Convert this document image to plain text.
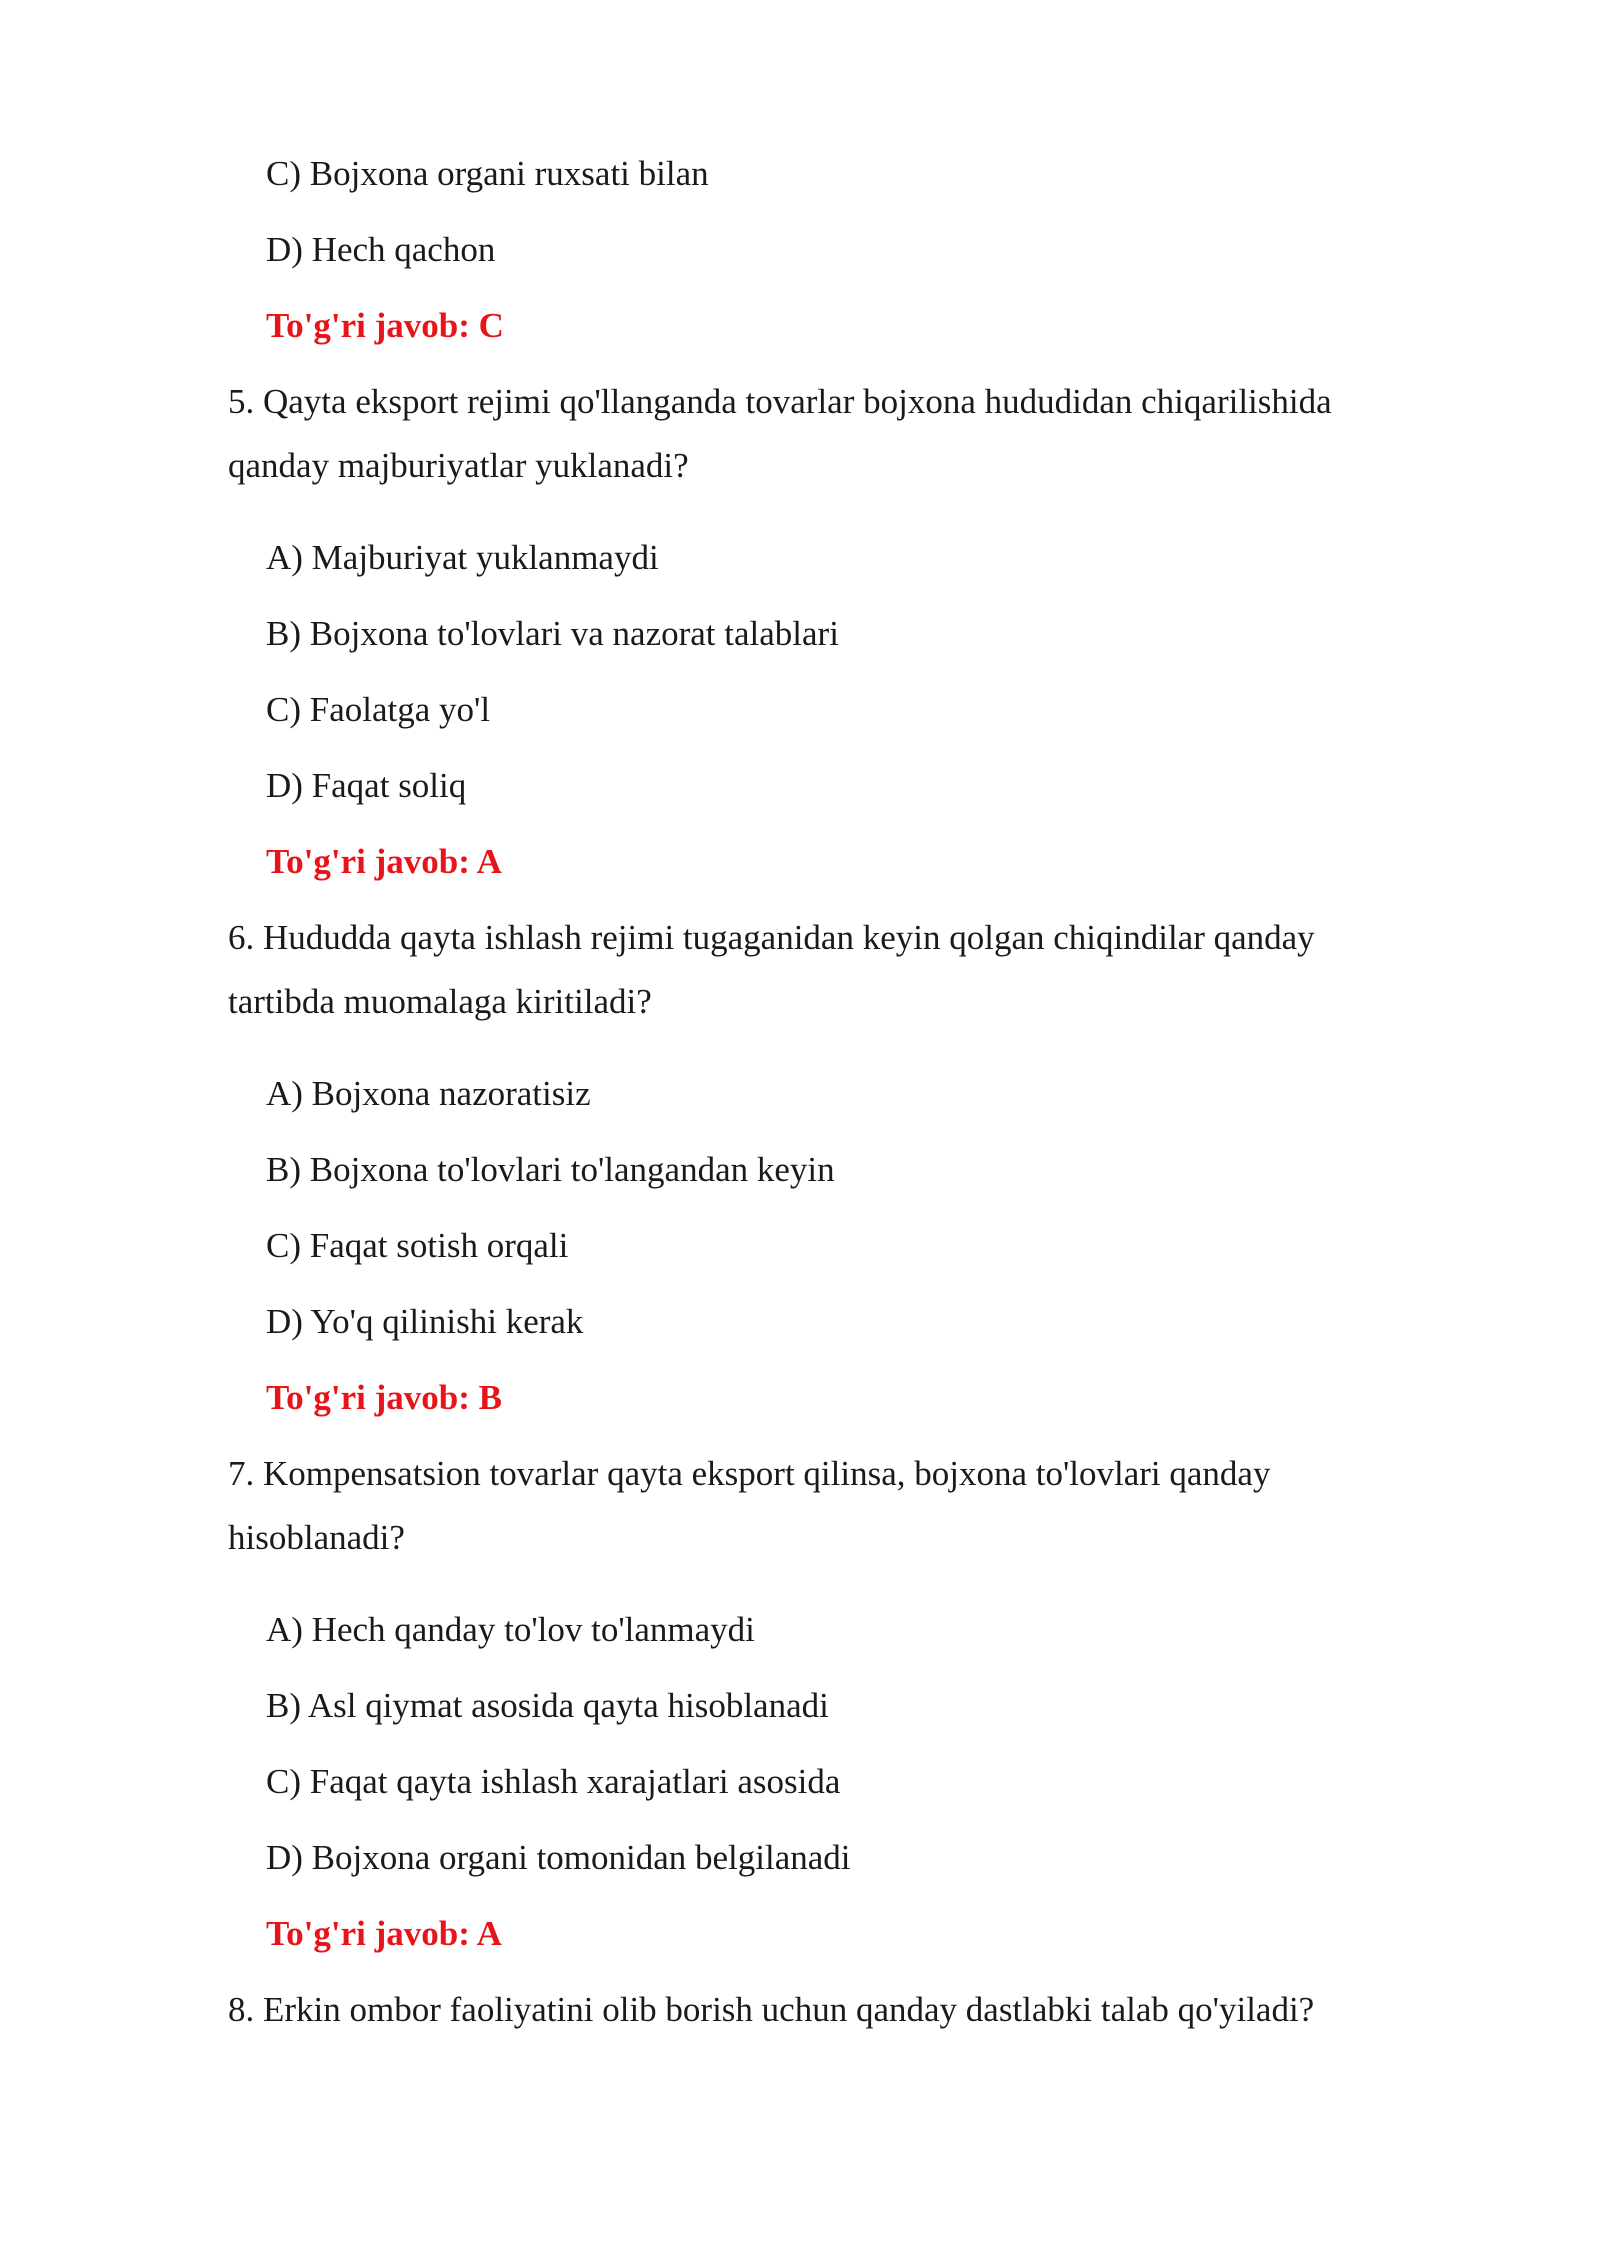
C) Bojxona organi ruxsati bilan
D) Hech qachon
To'g'ri javob: C
5. Qayta eksport rejimi qo'llanganda tovarlar bojxona hududidan chiqarilishida
qanday majburiyatlar yuklanadi?
A) Majburiyat yuklanmaydi
B) Bojxona to'lovlari va nazorat talablari
C) Faolatga yo'l
D) Faqat soliq
To'g'ri javob: A
6. Hududda qayta ishlash rejimi tugaganidan keyin qolgan chiqindilar qanday
tartibda muomalaga kiritiladi?
A) Bojxona nazoratisiz
B) Bojxona to'lovlari to'langandan keyin
C) Faqat sotish orqali
D) Yo'q qilinishi kerak
To'g'ri javob: B
7. Kompensatsion tovarlar qayta eksport qilinsa, bojxona to'lovlari qanday
hisoblanadi?
A) Hech qanday to'lov to'lanmaydi
B) Asl qiymat asosida qayta hisoblanadi
C) Faqat qayta ishlash xarajatlari asosida
D) Bojxona organi tomonidan belgilanadi
To'g'ri javob: A
8. Erkin ombor faoliyatini olib borish uchun qanday dastlabki talab qo'yiladi?
